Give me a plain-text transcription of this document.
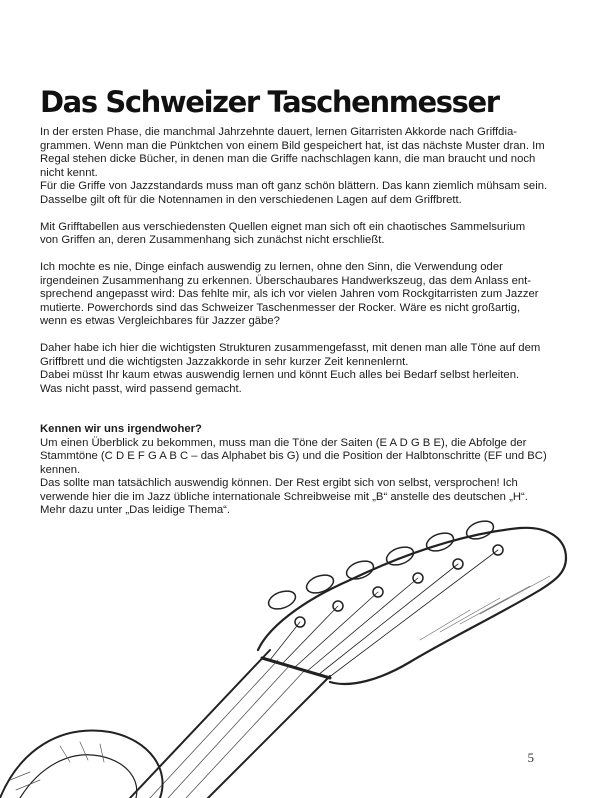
Das Schweizer Taschenmesser
In der ersten Phase, die manchmal Jahrzehnte dauert, lernen Gitarristen Akkorde nach Griffdia-
grammen. Wenn man die Pünktchen von einem Bild gespeichert hat, ist das nächste Muster dran. Im
Regal stehen dicke Bücher, in denen man die Griffe nachschlagen kann, die man braucht und noch
nicht kennt.
Für die Griffe von Jazzstandards muss man oft ganz schön blättern. Das kann ziemlich mühsam sein.
Dasselbe gilt oft für die Notennamen in den verschiedenen Lagen auf dem Griffbrett.
Mit Grifftabellen aus verschiedensten Quellen eignet man sich oft ein chaotisches Sammelsurium
von Griffen an, deren Zusammenhang sich zunächst nicht erschließt.
Ich mochte es nie, Dinge einfach auswendig zu lernen, ohne den Sinn, die Verwendung oder
irgendeinen Zusammenhang zu erkennen. Überschaubares Handwerkszeug, das dem Anlass ent-
sprechend angepasst wird: Das fehlte mir, als ich vor vielen Jahren vom Rockgitarristen zum Jazzer
mutierte. Powerchords sind das Schweizer Taschenmesser der Rocker. Wäre es nicht großartig,
wenn es etwas Vergleichbares für Jazzer gäbe?
Daher habe ich hier die wichtigsten Strukturen zusammengefasst, mit denen man alle Töne auf dem
Griffbrett und die wichtigsten Jazzakkorde in sehr kurzer Zeit kennenlernt.
Dabei müsst Ihr kaum etwas auswendig lernen und könnt Euch alles bei Bedarf selbst herleiten.
Was nicht passt, wird passend gemacht.
Kennen wir uns irgendwoher?
Um einen Überblick zu bekommen, muss man die Töne der Saiten (E A D G B E), die Abfolge der
Stammtöne (C D E F G A B C – das Alphabet bis G) und die Position der Halbtonschritte (EF und BC)
kennen.
Das sollte man tatsächlich auswendig können. Der Rest ergibt sich von selbst, versprochen! Ich
verwende hier die im Jazz übliche internationale Schreibweise mit „B“ anstelle des deutschen „H“.
Mehr dazu unter „Das leidige Thema“.
5
